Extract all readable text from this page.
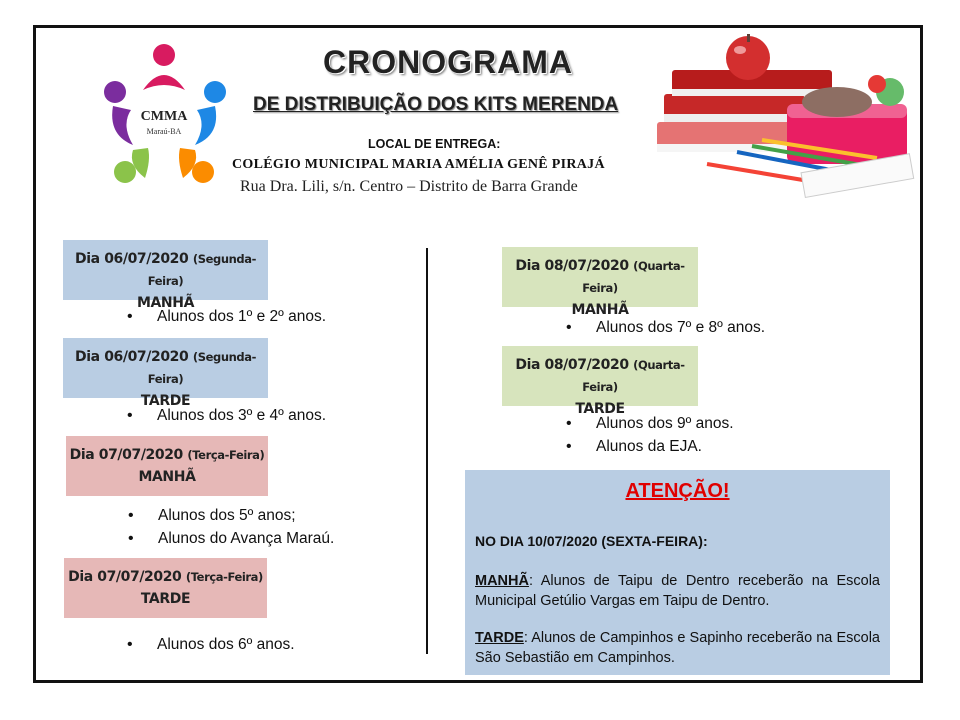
CMMA
Maraú-BA
CRONOGRAMA
DE DISTRIBUIÇÃO DOS KITS MERENDA
LOCAL DE ENTREGA:
COLÉGIO MUNICIPAL MARIA AMÉLIA GENÊ PIRAJÁ
Rua Dra. Lili, s/n. Centro – Distrito de Barra Grande
Dia 06/07/2020 (Segunda-Feira)
MANHÃ
• Alunos dos 1º e 2º anos.
Dia 06/07/2020 (Segunda-Feira)
TARDE
• Alunos dos 3º e 4º anos.
Dia 07/07/2020 (Terça-Feira)
MANHÃ
• Alunos dos 5º anos;
• Alunos do Avança Maraú.
Dia 07/07/2020 (Terça-Feira)
TARDE
• Alunos dos 6º anos.
Dia 08/07/2020 (Quarta-Feira)
MANHÃ
• Alunos dos 7º e 8º anos.
Dia 08/07/2020 (Quarta-Feira)
TARDE
• Alunos dos 9º anos.
• Alunos da EJA.
ATENÇÃO!
NO DIA 10/07/2020 (SEXTA-FEIRA):
MANHÃ: Alunos de Taipu de Dentro receberão na Escola Municipal Getúlio Vargas em Taipu de Dentro.
TARDE: Alunos de Campinhos e Sapinho receberão na Escola São Sebastião em Campinhos.
